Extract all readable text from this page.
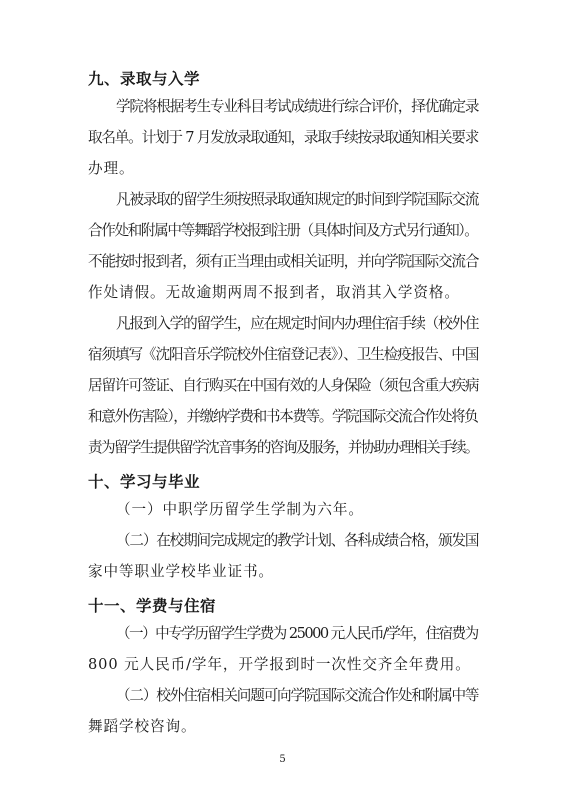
九、录取与入学
学院将根据考生专业科目考试成绩进行综合评价，择优确定录
取名单。计划于 7 月发放录取通知，录取手续按录取通知相关要求
办理。
凡被录取的留学生须按照录取通知规定的时间到学院国际交流
合作处和附属中等舞蹈学校报到注册（具体时间及方式另行通知）。
不能按时报到者，须有正当理由或相关证明，并向学院国际交流合
作处请假。无故逾期两周不报到者，取消其入学资格。
凡报到入学的留学生，应在规定时间内办理住宿手续（校外住
宿须填写《沈阳音乐学院校外住宿登记表》）、卫生检疫报告、中国
居留许可签证、自行购买在中国有效的人身保险（须包含重大疾病
和意外伤害险），并缴纳学费和书本费等。学院国际交流合作处将负
责为留学生提供留学沈音事务的咨询及服务，并协助办理相关手续。
十、学习与毕业
（一）中职学历留学生学制为六年。
（二）在校期间完成规定的教学计划、各科成绩合格，颁发国
家中等职业学校毕业证书。
十一、学费与住宿
（一）中专学历留学生学费为 25000 元人民币/学年，住宿费为
800 元人民币/学年，开学报到时一次性交齐全年费用。
（二）校外住宿相关问题可向学院国际交流合作处和附属中等
舞蹈学校咨询。
5
